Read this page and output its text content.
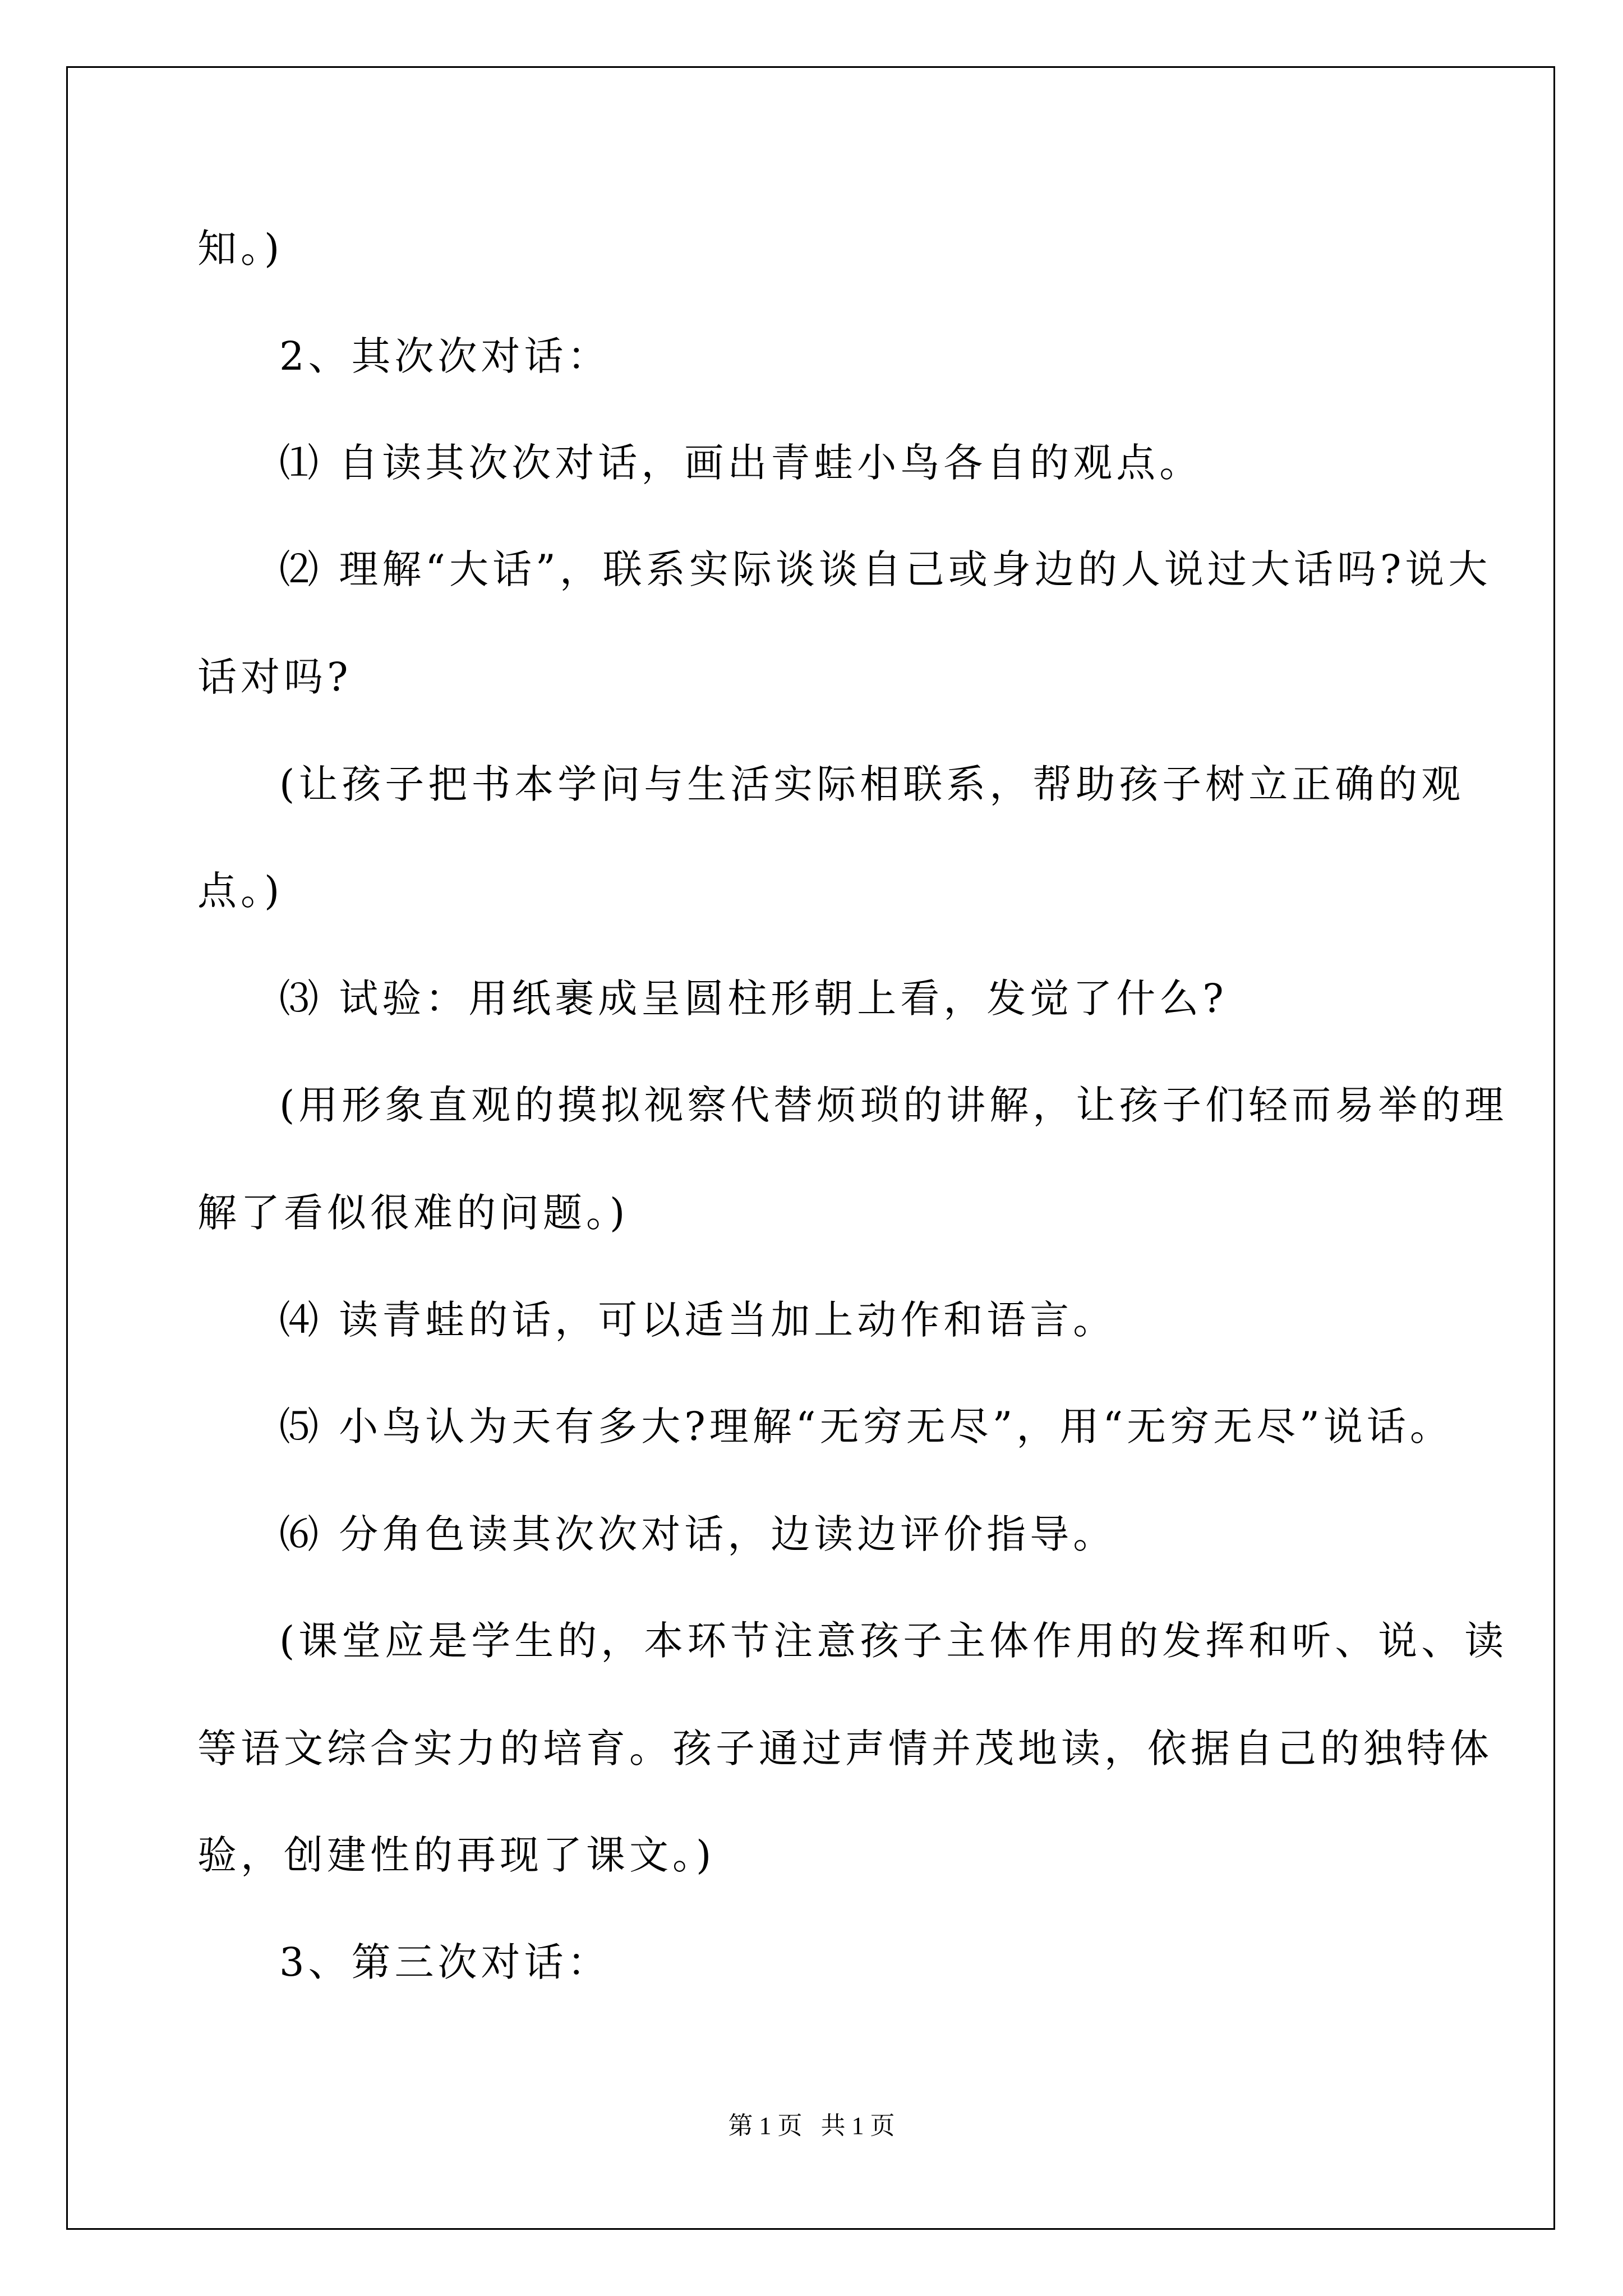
知。)
2、其次次对话：
⑴ 自读其次次对话，画出青蛙小鸟各自的观点。
⑵ 理解“大话”，联系实际谈谈自己或身边的人说过大话吗?说大
话对吗?
(让孩子把书本学问与生活实际相联系，帮助孩子树立正确的观
点。)
⑶ 试验：用纸裹成呈圆柱形朝上看，发觉了什么?
(用形象直观的摸拟视察代替烦琐的讲解，让孩子们轻而易举的理
解了看似很难的问题。)
⑷ 读青蛙的话，可以适当加上动作和语言。
⑸ 小鸟认为天有多大?理解“无穷无尽”，用“无穷无尽”说话。
⑹ 分角色读其次次对话，边读边评价指导。
(课堂应是学生的，本环节注意孩子主体作用的发挥和听、说、读
等语文综合实力的培育。孩子通过声情并茂地读，依据自己的独特体
验，创建性的再现了课文。)
3、第三次对话：
第 1 页   共 1 页
